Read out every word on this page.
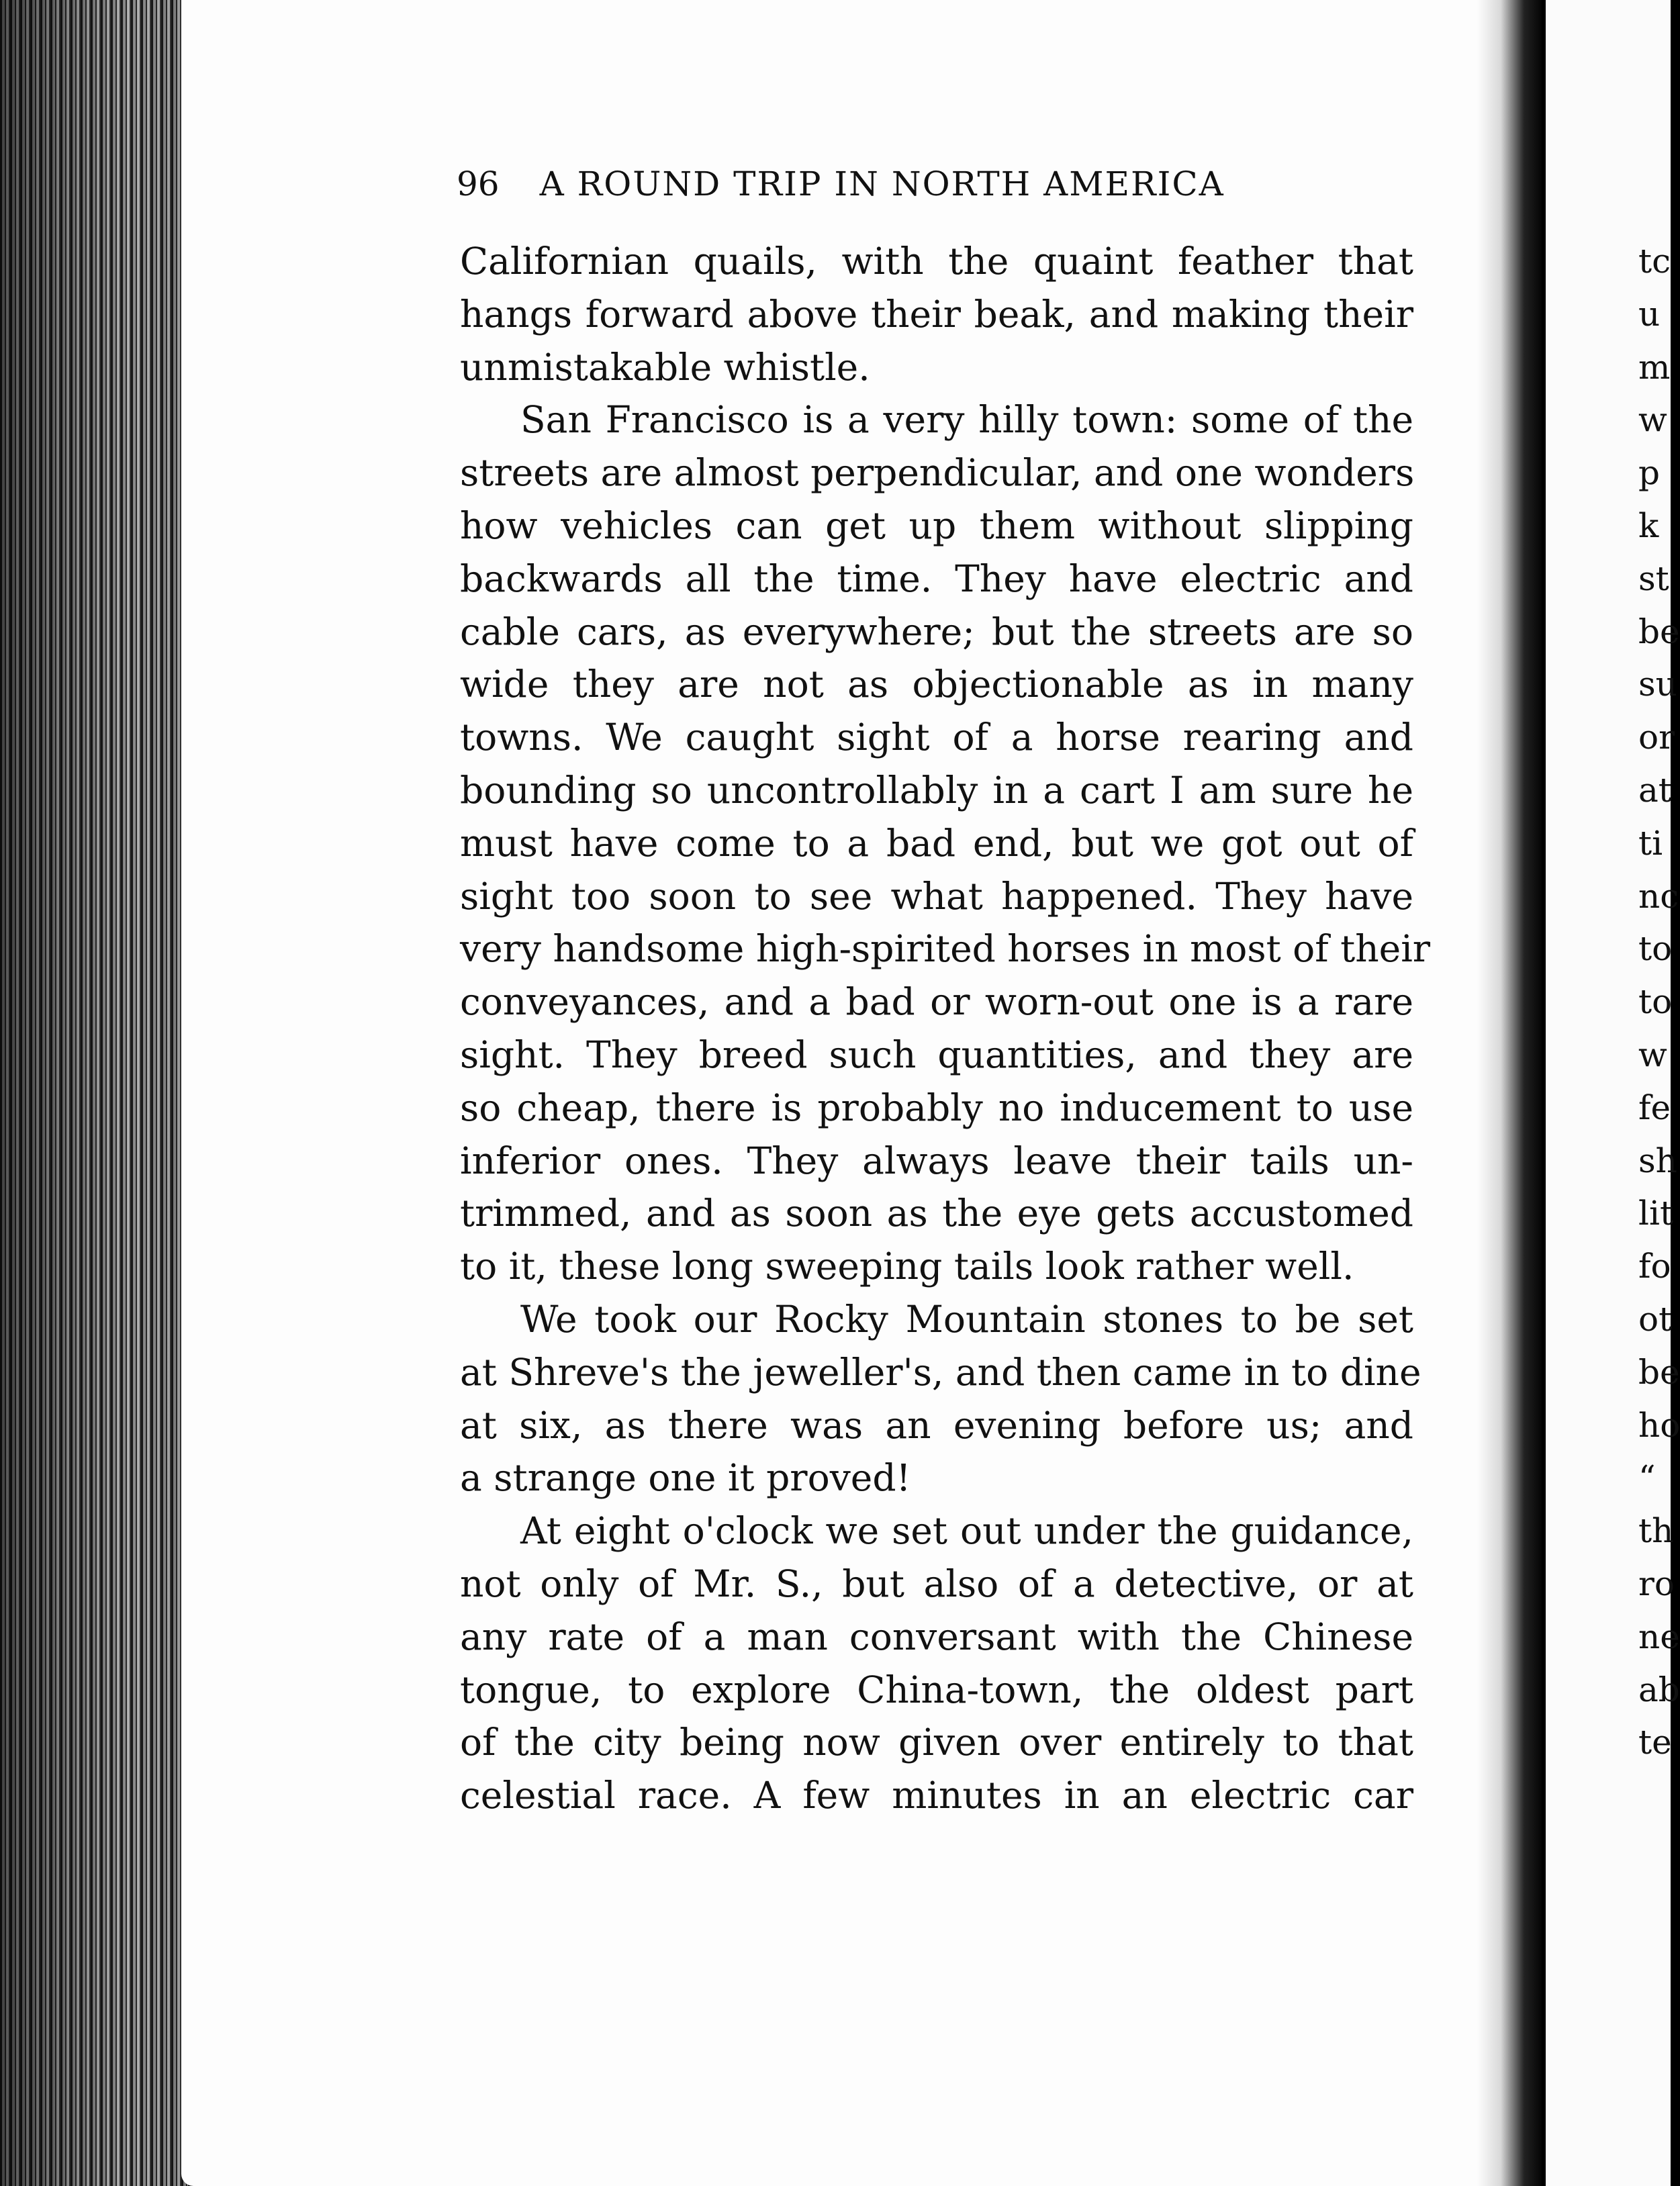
96 A ROUND TRIP IN NORTH AMERICA
Californian quails, with the quaint feather that
hangs forward above their beak, and making their
unmistakable whistle.
San Francisco is a very hilly town: some of the
streets are almost perpendicular, and one wonders
how vehicles can get up them without slipping
backwards all the time. They have electric and
cable cars, as everywhere; but the streets are so
wide they are not as objectionable as in many
towns. We caught sight of a horse rearing and
bounding so uncontrollably in a cart I am sure he
must have come to a bad end, but we got out of
sight too soon to see what happened. They have
very handsome high-spirited horses in most of their
conveyances, and a bad or worn-out one is a rare
sight. They breed such quantities, and they are
so cheap, there is probably no inducement to use
inferior ones. They always leave their tails un-
trimmed, and as soon as the eye gets accustomed
to it, these long sweeping tails look rather well.
We took our Rocky Mountain stones to be set
at Shreve's the jeweller's, and then came in to dine
at six, as there was an evening before us; and
a strange one it proved!
At eight o'clock we set out under the guidance,
not only of Mr. S., but also of a detective, or at
any rate of a man conversant with the Chinese
tongue, to explore China-town, the oldest part
of the city being now given over entirely to that
celestial race. A few minutes in an electric car
tc
u
m
w
p
k
st
be
su
or
at
ti
nc
to
to
w
fe
sh
lit
fo
ot
be
ho
“
th
ro
ne
ab
te
